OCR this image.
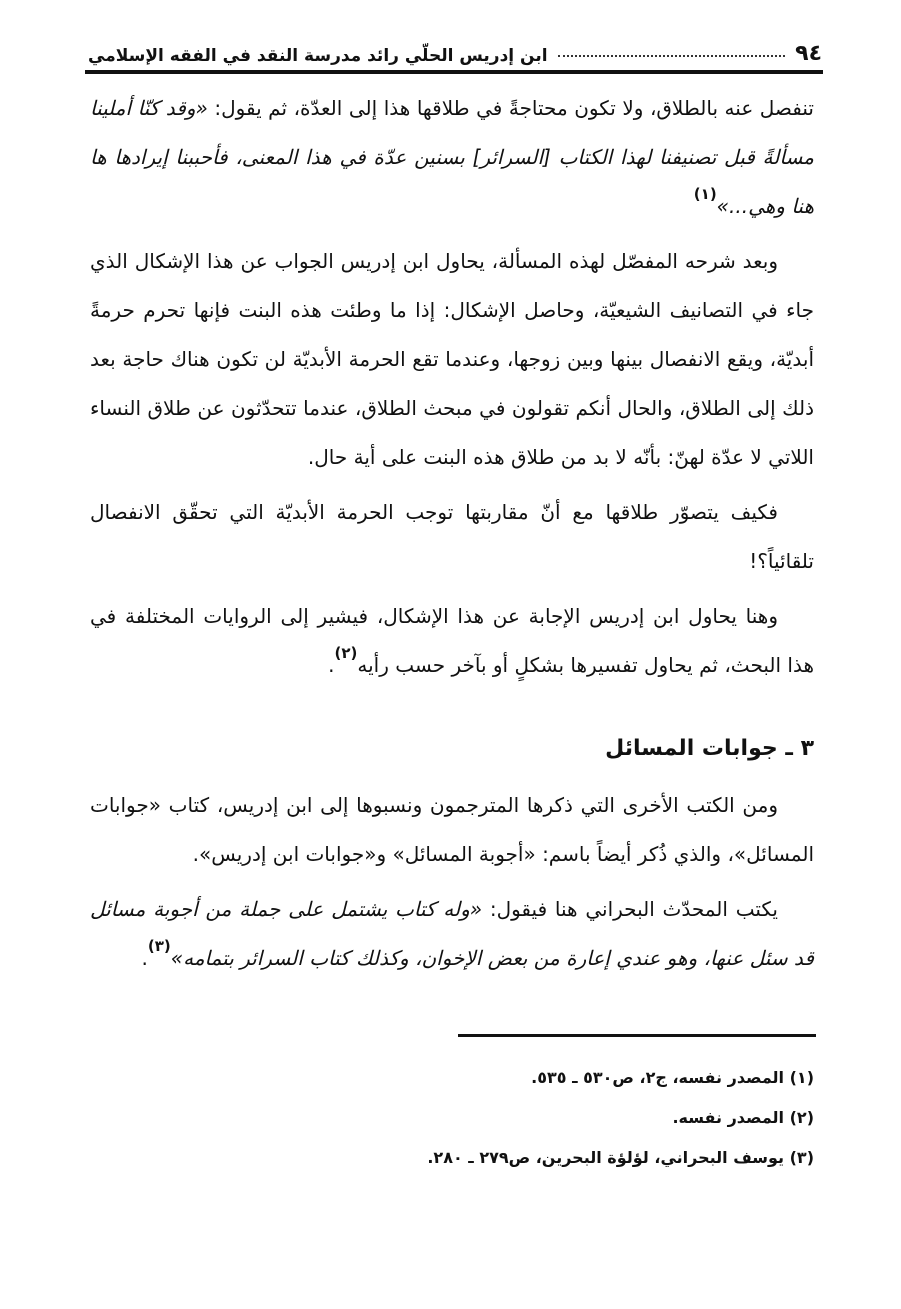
٩٤
ابن إدريس الحلّي رائد مدرسة النقد في الفقه الإسلامي

تنفصل عنه بالطلاق، ولا تكون محتاجةً في طلاقها هذا إلى العدّة، ثم يقول: «وقد كنّا أملينا مسألةً قبل تصنيفنا لهذا الكتاب [السرائر] بسنين عدّة في هذا المعنى، فأحببنا إيرادها ها هنا وهي...»$^{(١)}$

وبعد شرحه المفصّل لهذه المسألة، يحاول ابن إدريس الجواب عن هذا الإشكال الذي جاء في التصانيف الشيعيّة، وحاصل الإشكال: إذا ما وطئت هذه البنت فإنها تحرم حرمةً أبديّة، ويقع الانفصال بينها وبين زوجها، وعندما تقع الحرمة الأبديّة لن تكون هناك حاجة بعد ذلك إلى الطلاق، والحال أنكم تقولون في مبحث الطلاق، عندما تتحدّثون عن طلاق النساء اللاتي لا عدّة لهنّ: بأنّه لا بد من طلاق هذه البنت على أية حال.

فكيف يتصوّر طلاقها مع أنّ مقاربتها توجب الحرمة الأبديّة التي تحقّق الانفصال تلقائياً؟!

وهنا يحاول ابن إدريس الإجابة عن هذا الإشكال، فيشير إلى الروايات المختلفة في هذا البحث، ثم يحاول تفسيرها بشكلٍ أو بآخر حسب رأيه$^{(٢)}$.

٣ ـ جوابات المسائل

ومن الكتب الأخرى التي ذكرها المترجمون ونسبوها إلى ابن إدريس، كتاب «جوابات المسائل»، والذي ذُكر أيضاً باسم: «أجوبة المسائل» و«جوابات ابن إدريس».

يكتب المحدّث البحراني هنا فيقول: «وله كتاب يشتمل على جملة من أجوبة مسائل قد سئل عنها، وهو عندي إعارة من بعض الإخوان، وكذلك كتاب السرائر بتمامه»$^{(٣)}$.

(١) المصدر نفسه، ج٢، ص٥٣٠ ـ ٥٣٥.
(٢) المصدر نفسه.
(٣) يوسف البحراني، لؤلؤة البحرين، ص٢٧٩ ـ ٢٨٠.
